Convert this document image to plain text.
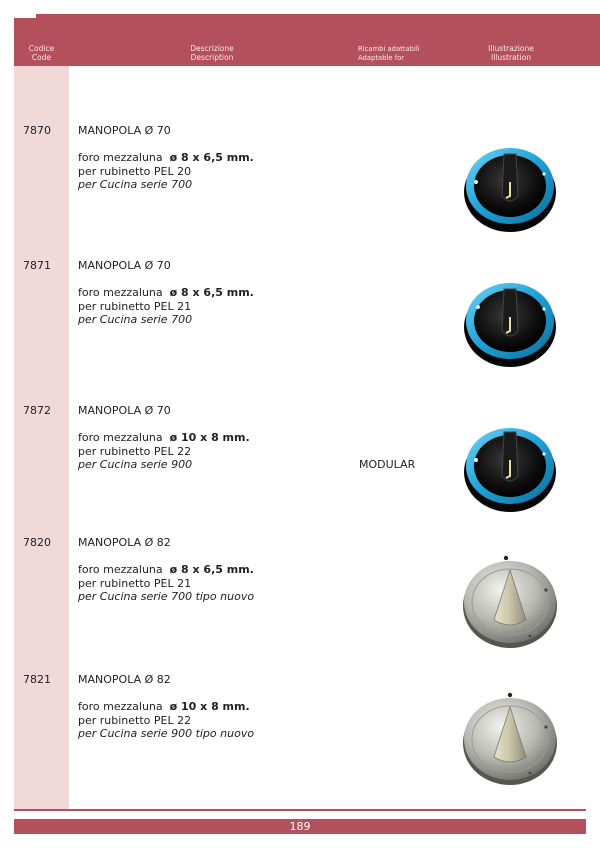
Codice
Code
Descrizione
Description
Ricambi adattabili
Adaptable for
Illustrazione
Illustration
7870 MANOPOLA Ø 70
foro mezzaluna ø 8 x 6,5 mm.
per rubinetto PEL 20
per Cucina serie 700
7871 MANOPOLA Ø 70
foro mezzaluna ø 8 x 6,5 mm.
per rubinetto PEL 21
per Cucina serie 700
7872 MANOPOLA Ø 70
foro mezzaluna ø 10 x 8 mm.
per rubinetto PEL 22
per Cucina serie 900	MODULAR
7820 MANOPOLA Ø 82
foro mezzaluna ø 8 x 6,5 mm.
per rubinetto PEL 21
per Cucina serie 700 tipo nuovo
7821 MANOPOLA Ø 82
foro mezzaluna ø 10 x 8 mm.
per rubinetto PEL 22
per Cucina serie 900 tipo nuovo
189
